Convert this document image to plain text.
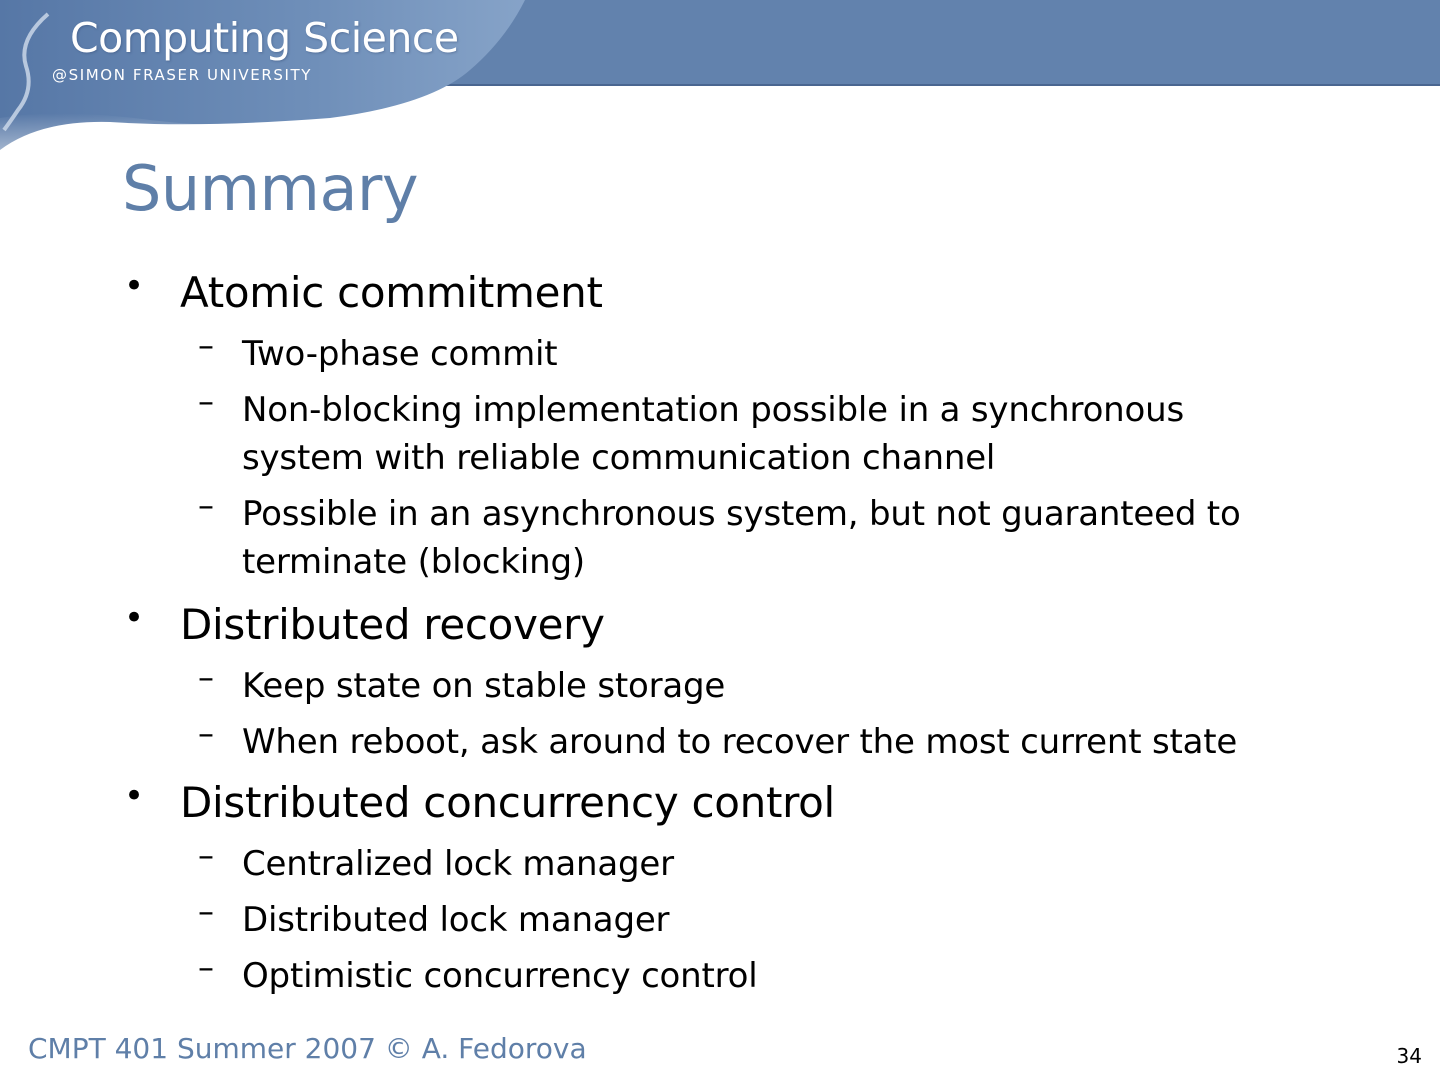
Computing Science
@SIMON FRASER UNIVERSITY
Summary
• Atomic commitment
– Two-phase commit
– Non-blocking implementation possible in a synchronous
system with reliable communication channel
– Possible in an asynchronous system, but not guaranteed to
terminate (blocking)
• Distributed recovery
– Keep state on stable storage
– When reboot, ask around to recover the most current state
• Distributed concurrency control
– Centralized lock manager
– Distributed lock manager
– Optimistic concurrency control
CMPT 401 Summer 2007 © A. Fedorova	34
